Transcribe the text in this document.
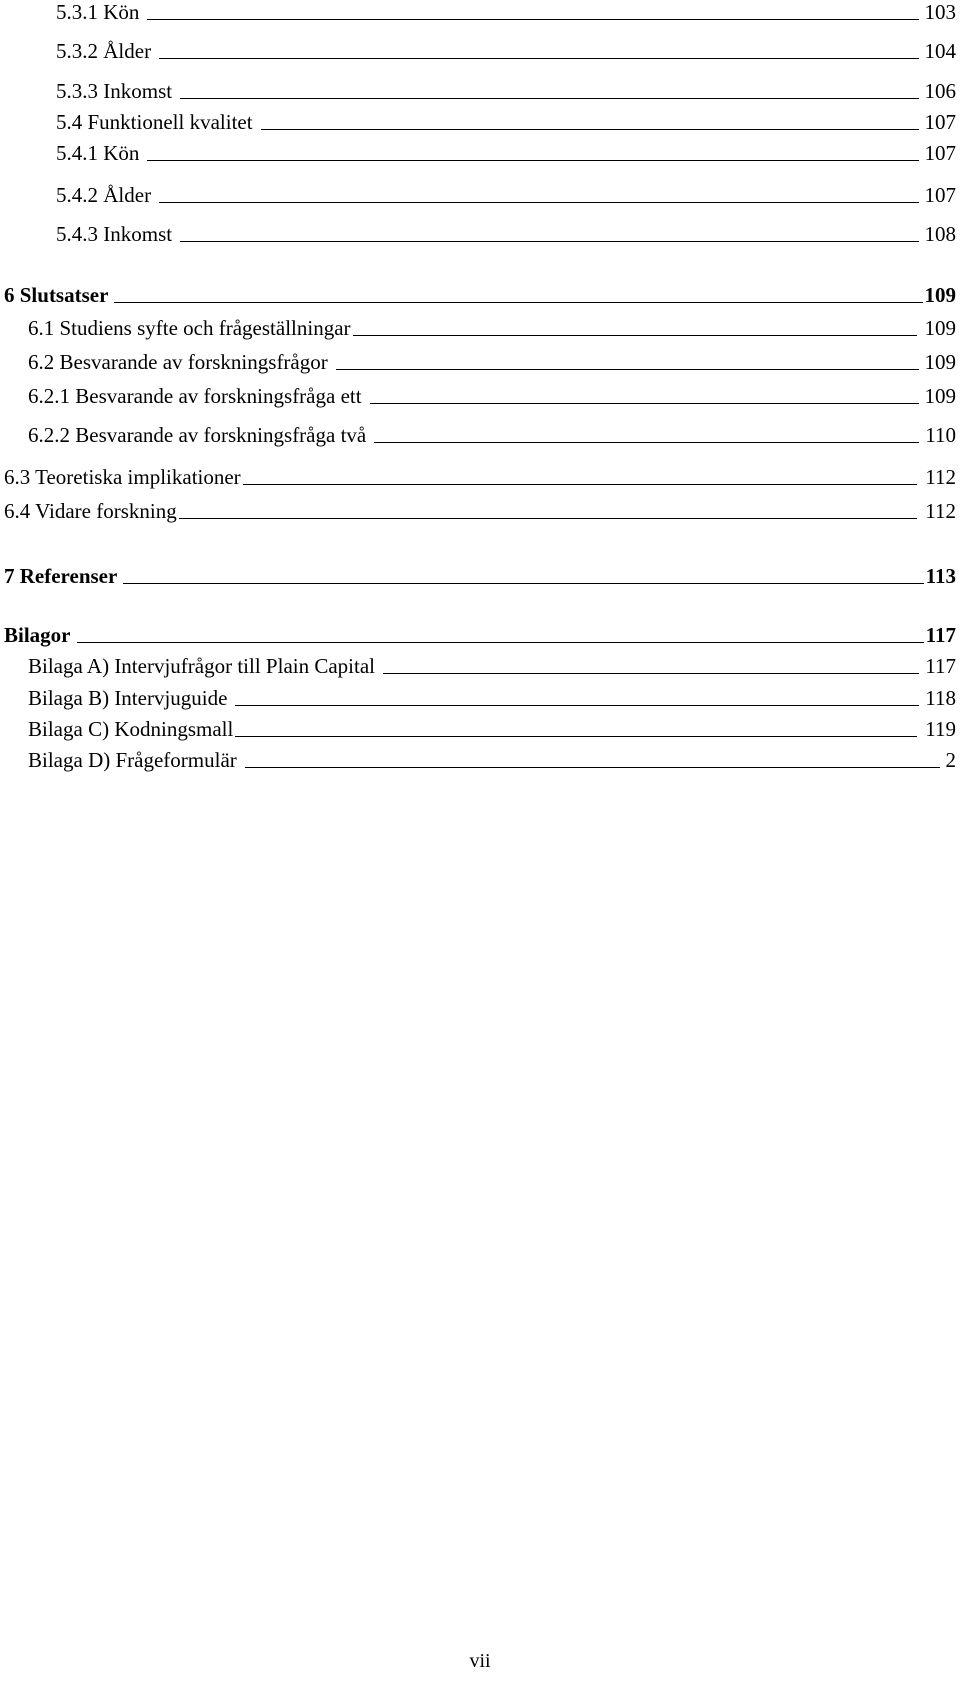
5.3.1 Kön	103
5.3.2 Ålder	104
5.3.3 Inkomst	106
5.4 Funktionell kvalitet	107
5.4.1 Kön	107
5.4.2 Ålder	107
5.4.3 Inkomst	108
6 Slutsatser	109
6.1 Studiens syfte och frågeställningar	109
6.2 Besvarande av forskningsfrågor	109
6.2.1 Besvarande av forskningsfråga ett	109
6.2.2 Besvarande av forskningsfråga två	110
6.3 Teoretiska implikationer	112
6.4 Vidare forskning	112
7 Referenser	113
Bilagor	117
Bilaga A) Intervjufrågor till Plain Capital	117
Bilaga B) Intervjuguide	118
Bilaga C) Kodningsmall	119
Bilaga D) Frågeformulär	2
vii
